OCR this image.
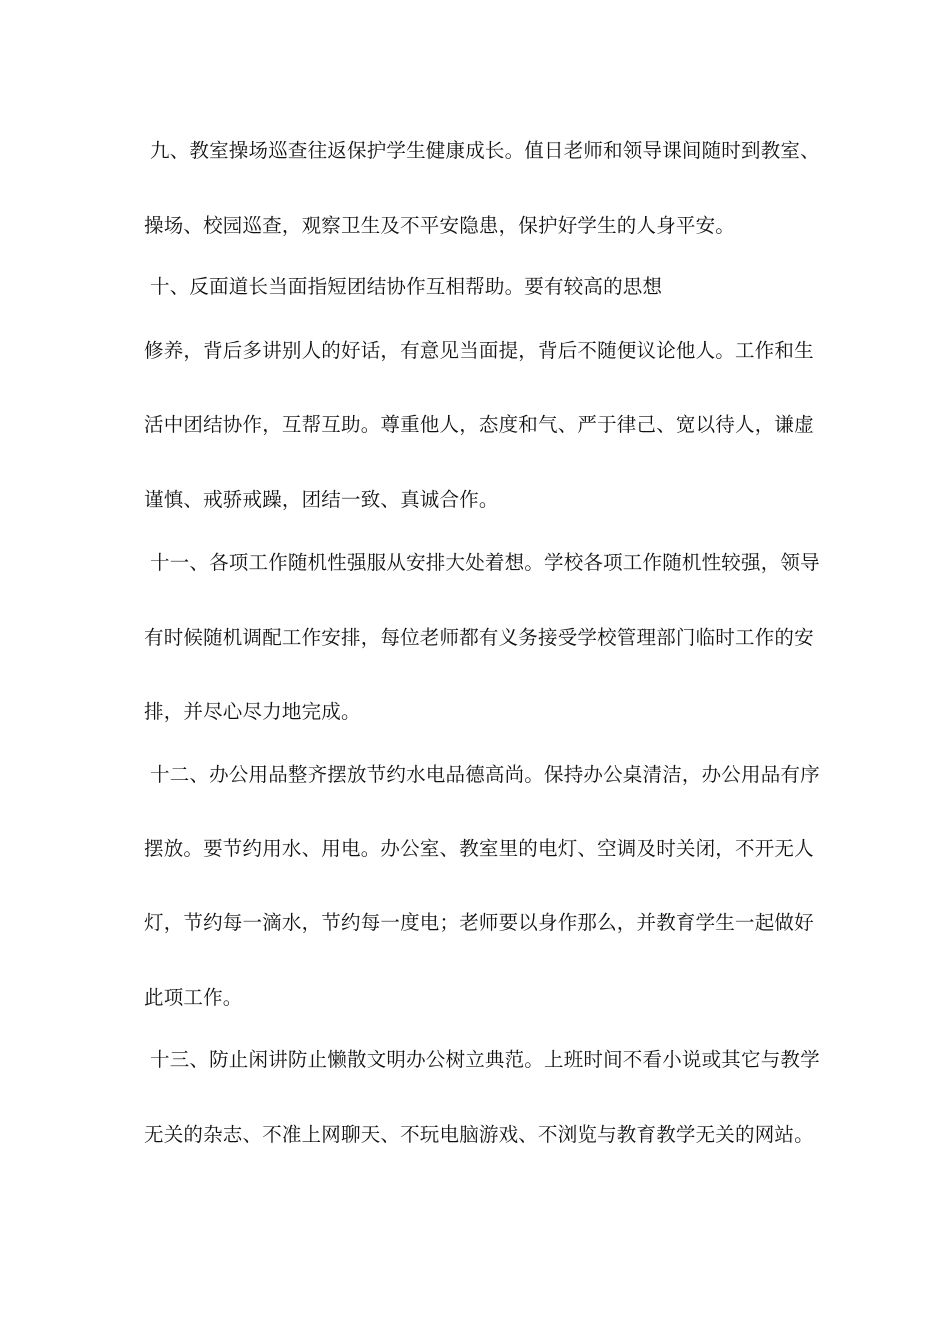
九、教室操场巡查往返保护学生健康成长。值日老师和领导课间随时到教室、
操场、校园巡查，观察卫生及不平安隐患，保护好学生的人身平安。
十、反面道长当面指短团结协作互相帮助。要有较高的思想
修养，背后多讲别人的好话，有意见当面提，背后不随便议论他人。工作和生
活中团结协作，互帮互助。尊重他人，态度和气、严于律己、宽以待人，谦虚
谨慎、戒骄戒躁，团结一致、真诚合作。
十一、各项工作随机性强服从安排大处着想。学校各项工作随机性较强，领导
有时候随机调配工作安排，每位老师都有义务接受学校管理部门临时工作的安
排，并尽心尽力地完成。
十二、办公用品整齐摆放节约水电品德高尚。保持办公桌清洁，办公用品有序
摆放。要节约用水、用电。办公室、教室里的电灯、空调及时关闭，不开无人
灯，节约每一滴水，节约每一度电；老师要以身作那么，并教育学生一起做好
此项工作。
十三、防止闲讲防止懒散文明办公树立典范。上班时间不看小说或其它与教学
无关的杂志、不准上网聊天、不玩电脑游戏、不浏览与教育教学无关的网站。
